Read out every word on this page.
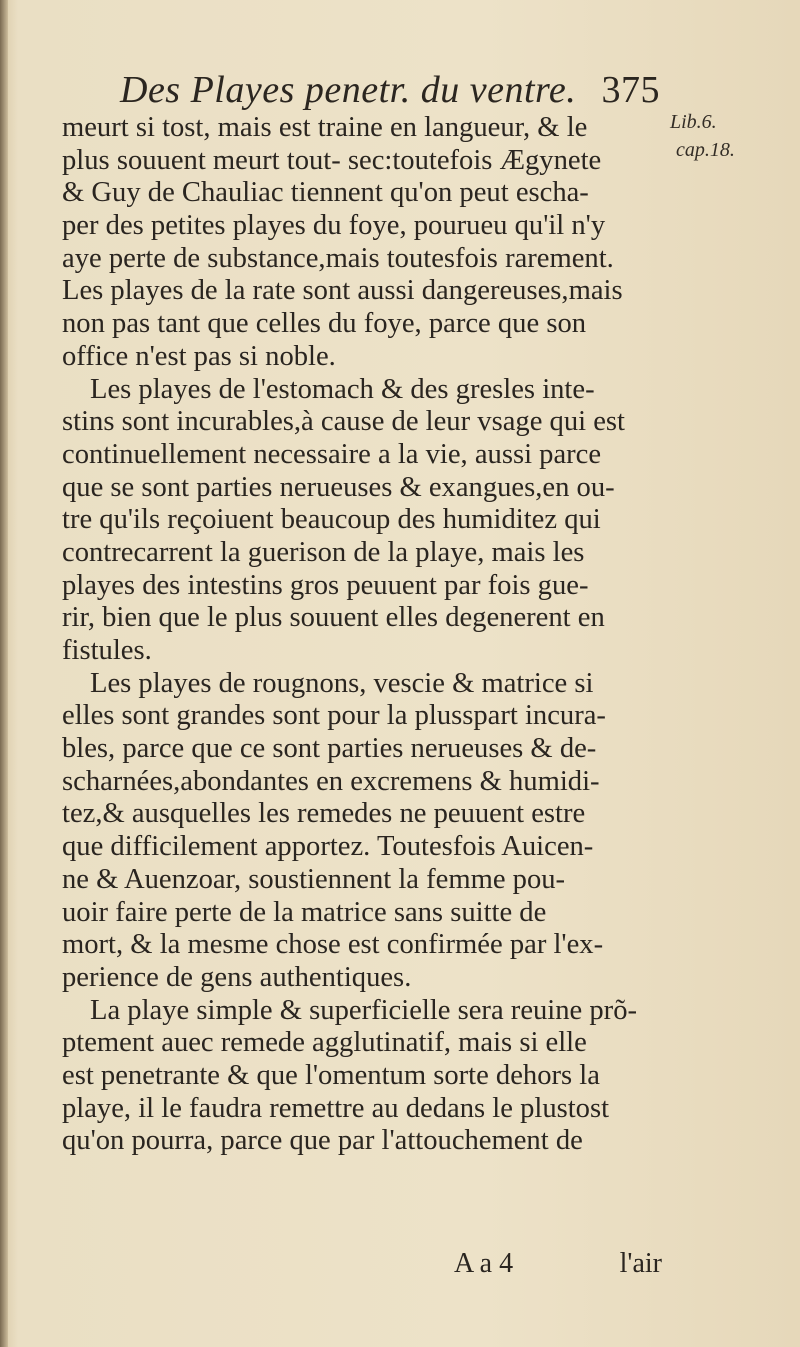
Des Playes penetr. du ventre. 375
Lib.6.
cap.18.
meurt si tost, mais est traine en langueur, & le
plus souuent meurt tout- sec:toutefois Ægynete
& Guy de Chauliac tiennent qu'on peut escha-
per des petites playes du foye, pourueu qu'il n'y
aye perte de substance,mais toutesfois rarement.
Les playes de la rate sont aussi dangereuses,mais
non pas tant que celles du foye, parce que son
office n'est pas si noble.
Les playes de l'estomach & des gresles inte-
stins sont incurables,à cause de leur vsage qui est
continuellement necessaire a la vie, aussi parce
que se sont parties nerueuses & exangues,en ou-
tre qu'ils reçoiuent beaucoup des humiditez qui
contrecarrent la guerison de la playe, mais les
playes des intestins gros peuuent par fois gue-
rir, bien que le plus souuent elles degenerent en
fistules.
Les playes de rougnons, vescie & matrice si
elles sont grandes sont pour la plusspart incura-
bles, parce que ce sont parties nerueuses & de-
scharnées,abondantes en excremens & humidi-
tez,& ausquelles les remedes ne peuuent estre
que difficilement apportez. Toutesfois Auicen-
ne & Auenzoar, soustiennent la femme pou-
uoir faire perte de la matrice sans suitte de
mort, & la mesme chose est confirmée par l'ex-
perience de gens authentiques.
La playe simple & superficielle sera reuine prõ-
ptement auec remede agglutinatif, mais si elle
est penetrante & que l'omentum sorte dehors la
playe, il le faudra remettre au dedans le plustost
qu'on pourra, parce que par l'attouchement de
A a 4	l'air
